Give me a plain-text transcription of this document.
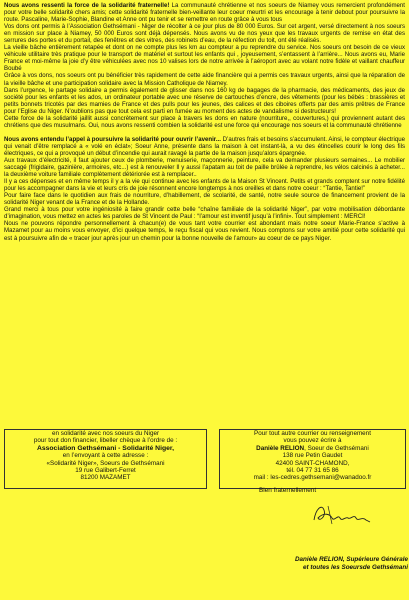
Nous avons ressenti la force de la solidarité fraternelle! La communauté chrétienne et nos soeurs de Niamey vous remercient profondément pour votre belle solidarité chers amis; cette solidarité fraternelle bien-veillante leur coeur meurtri et les encourage à tenir debout pour poursuivre la route. Pascaline, Marie-Sophie, Blandine et Anne ont pu tenir et se remettre en route grâce à vous tous

Vos dons ont permis à l’Association Gethsémani - Niger de récolter à ce jour plus de 80 000 Euros. Sur cet argent, versé directement à nos soeurs en mission sur place à Niamey, 50 000 Euros sont déjà dépensés. Nous avons vu de nos yeux que les travaux urgents de remise en état des serrures des portes et du portail, des fenêtres et des vitres, des robinets d’eau, de la réfection du toit, ont été réalisés.

La vieille bâche entièrement retapée et dont on ne compte plus les km au compteur a pu reprendre du service. Nos soeurs ont besoin de ce vieux véhicule utilitaire très pratique pour le transport de matériel et surtout les enfants qui , joyeusement, s’entassent à l’arrière... Nous avons eu, Marie France et moi-même la joie d’y être véhiculées avec nos 10 valises lors de notre arrivée à l’aéroport avec au volant notre fidèle et vaillant chauffeur Boubé

Grâce à vos dons, nos soeurs ont pu bénéficier très rapidement de cette aide financière qui a permis ces travaux urgents, ainsi que la réparation de la vieille bâche et une participation solidaire avec la Mission Catholique de Niamey.

Dans l’urgence, le partage solidaire a permis également de glisser dans nos 160 kg de bagages de la pharmacie, des médicaments, des jeux de société pour les enfants et les ados, un ordinateur portable avec une réserve de cartouches d’encre, des vêtements (pour les bébés : brassières et petits bonnets tricotés par des mamies de France et des pulls pour les jeunes, des calices et des ciboires offerts par des amis prêtres de France pour l’Eglise du Niger. N’oublions pas que tout cela est parti en fumée au moment des actes de vandalisme si destructeurs!

Cette force de la solidarité jaillit aussi concrètement sur place à travers les dons en nature (nourriture,, couvertures,) qui proviennent autant des chrétiens que des musulmans. Oui, nous avons ressenti combien la solidarité est une force qui encourage nos soeurs et la communauté chrétienne

Nous avons entendu l’appel à poursuivre la solidarité pour ouvrir l’avenir... D’autres frais et besoins s’accumulent. Ainsi, le compteur électrique qui venait d’être remplacé a « volé en éclat»; Soeur Anne, présente dans la maison à cet instant-là, a vu des étincelles courir le long des fils électriques, ce qui a provoqué un début d’incendie qui aurait ravagé la partie de la maison jusqu’alors épargnée.

Aux travaux d’électricité, il faut ajouter ceux de plomberie, menuiserie, maçonnerie, peinture, cela va demander plusieurs semaines... Le mobilier saccagé (frigidaire, gazinière, armoires, etc...) est à renouveler Il y aussi l’apatam au toit de paille brûlée à reprendre, les vélos calcinés à acheter... la deuxième voiture familiale complètement détériorée est à remplacer..

Il y a ces dépenses et en même temps il y a la vie qui continue avec les enfants de la Maison St Vincent. Petits et grands comptent sur notre fidélité pour les accompagner dans la vie et leurs cris de joie résonnent encore longtemps à nos oreilles et dans notre coeur : “Tantie, Tantie!”

Pour faire face dans le quotidien aux frais de nourriture, d’habillement, de scolarité, de santé, notre seule source de financement provient de la solidarité Niger venant de la France et de la Hollande.

Grand merci à tous pour votre ingéniosité à faire grandir cette belle “chaîne familiale de la solidarité Niger”, par votre mobilisation débordante d’imagination, vous mettez en actes les paroles de St Vincent de Paul : “l’amour est inventif jusqu’à l’infini». Tout simplement : MERCI!

Nous ne pouvons répondre personnellement à chacun(e) de vous tant votre courrier est abondant mais notre soeur Marie-France s’active à Mazamet pour au moins vous envoyer, d’ici quelque temps, le reçu fiscal qui vous revient. Nous comptons sur votre amitié pour cette solidarité qui est à poursuivre afin de « tracer jour après jour un chemin pour la bonne nouvelle de l’amour» au coeur de ce pays Niger.

en solidarité avec nos soeurs du Niger

pour tout don financier, libeller chèque à l’ordre de :

Association Gethsémani - Solidarité Niger,

en l’envoyant à cette adresse :

«Solidarité Niger», Soeurs de Gethsémani

19 rue Galibert-Ferret

81200 MAZAMET

Pour tout autre courrier ou renseignement

vous pouvez écrire à

Danièle RELION, Soeur de Gethsémani

138 rue Petin Gaudet

42400 SAINT-CHAMOND,

tél. 04 77 31 65 86

mail : les-cedres.gethsemani@wanadoo.fr

Bien fraternellement
Danièle RELION, Supérieure Générale
et toutes les Soeursde Gethsémani
